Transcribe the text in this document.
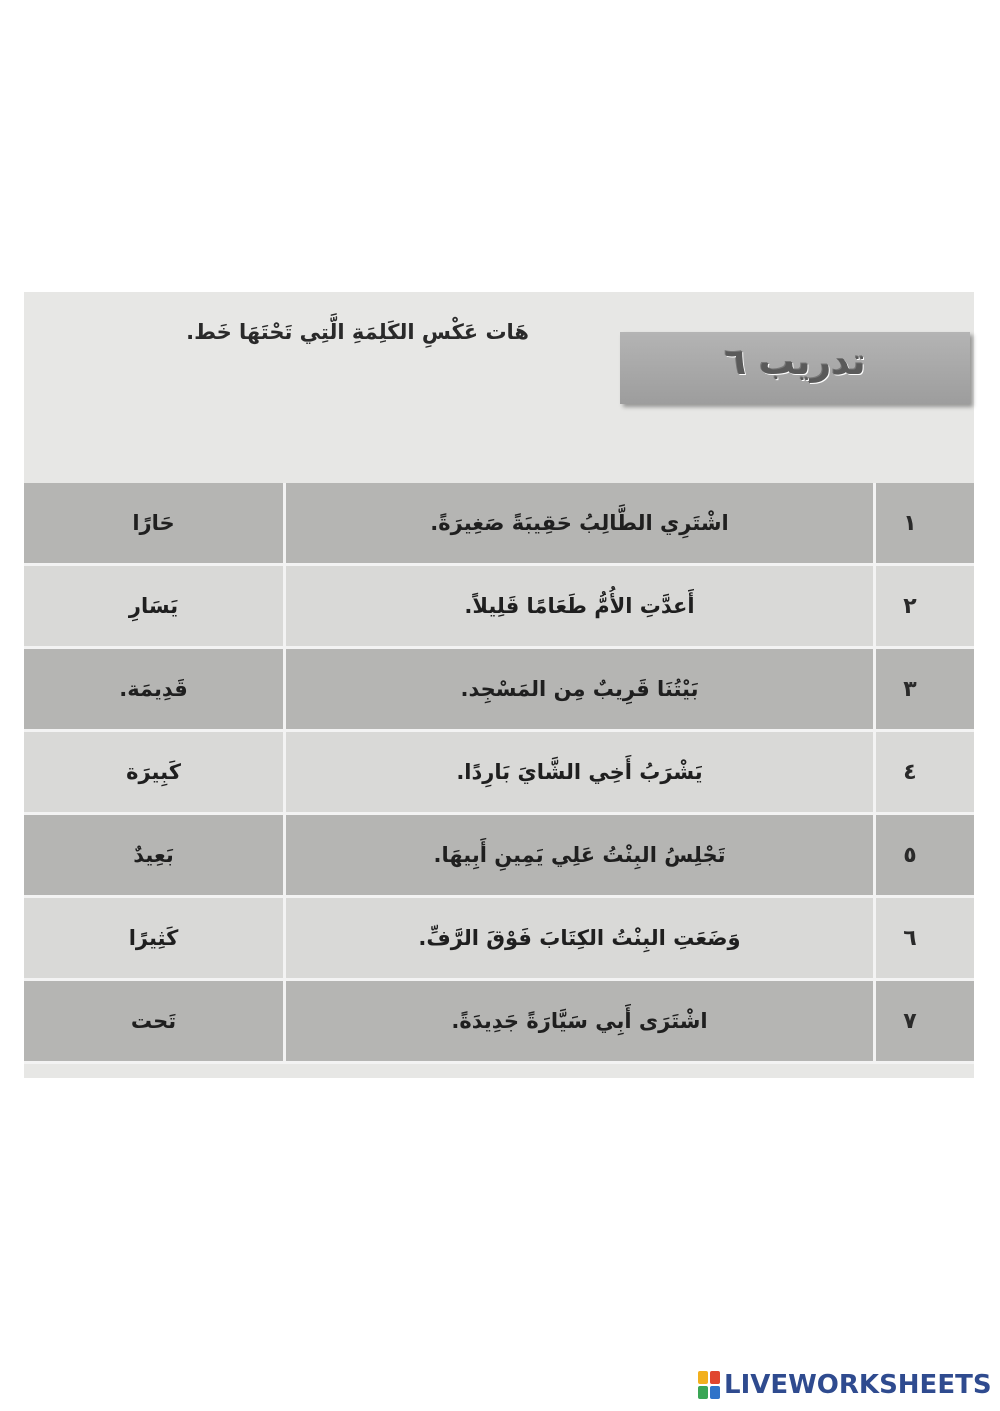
هَات عَكْسِ الكَلِمَةِ الَّتِي تَحْتَهَا خَط.
تدريب ٦
١
اشْتَرِي الطَّالِبُ حَقِيبَةً صَغِيرَةً.
حَارًا
٢
أَعدَّتِ الأُمُّ طَعَامًا قَلِيلاً.
يَسَارِ
٣
بَيْتُنَا قَرِيبٌ مِن المَسْجِد.
قَدِيمَة.
٤
يَشْرَبُ أَخِي الشَّايَ بَارِدًا.
كَبِيرَة
٥
تَجْلِسُ البِنْتُ عَلِي يَمِينِ أَبِيهَا.
بَعِيدٌ
٦
وَضَعَتِ البِنْتُ الكِتَابَ فَوْقَ الرَّفِّ.
كَثِيرًا
٧
اشْتَرَى أَبِي سَيَّارَةً جَدِيدَةً.
تَحت
LIVEWORKSHEETS
